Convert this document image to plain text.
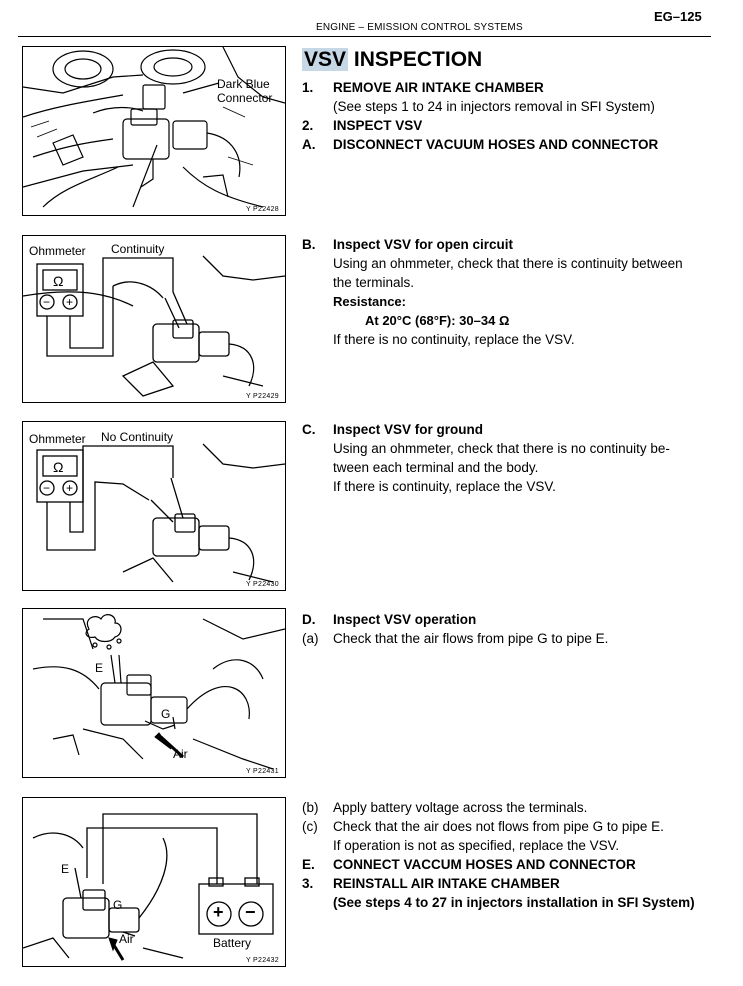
ENGINE – EMISSION CONTROL SYSTEMS
EG–125
Dark Blue
Connector
Y P22428
Ohmmeter Continuity
Ω
− +
Y P22429
Ohmmeter No Continuity
Ω
− +
Y P22430
E
G
Air
Y P22431
E
G
Air	Battery
+ −
Y P22432
VSV INSPECTION
1.	REMOVE AIR INTAKE CHAMBER
(See steps 1 to 24 in injectors removal in SFI System)
2.	INSPECT VSV
A.	DISCONNECT VACUUM HOSES AND CONNECTOR
B.	Inspect VSV for open circuit
Using an ohmmeter, check that there is continuity between
the terminals.
Resistance:
At 20°C (68°F): 30–34 Ω
If there is no continuity, replace the VSV.
C.	Inspect VSV for ground
Using an ohmmeter, check that there is no continuity be-
tween each terminal and the body.
If there is continuity, replace the VSV.
D.	Inspect VSV operation
(a)	Check that the air flows from pipe G to pipe E.
(b)	Apply battery voltage across the terminals.
(c)	Check that the air does not flows from pipe G to pipe E.
If operation is not as specified, replace the VSV.
E.	CONNECT VACCUM HOSES AND CONNECTOR
3.	REINSTALL AIR INTAKE CHAMBER
(See steps 4 to 27 in injectors installation in SFI System)
